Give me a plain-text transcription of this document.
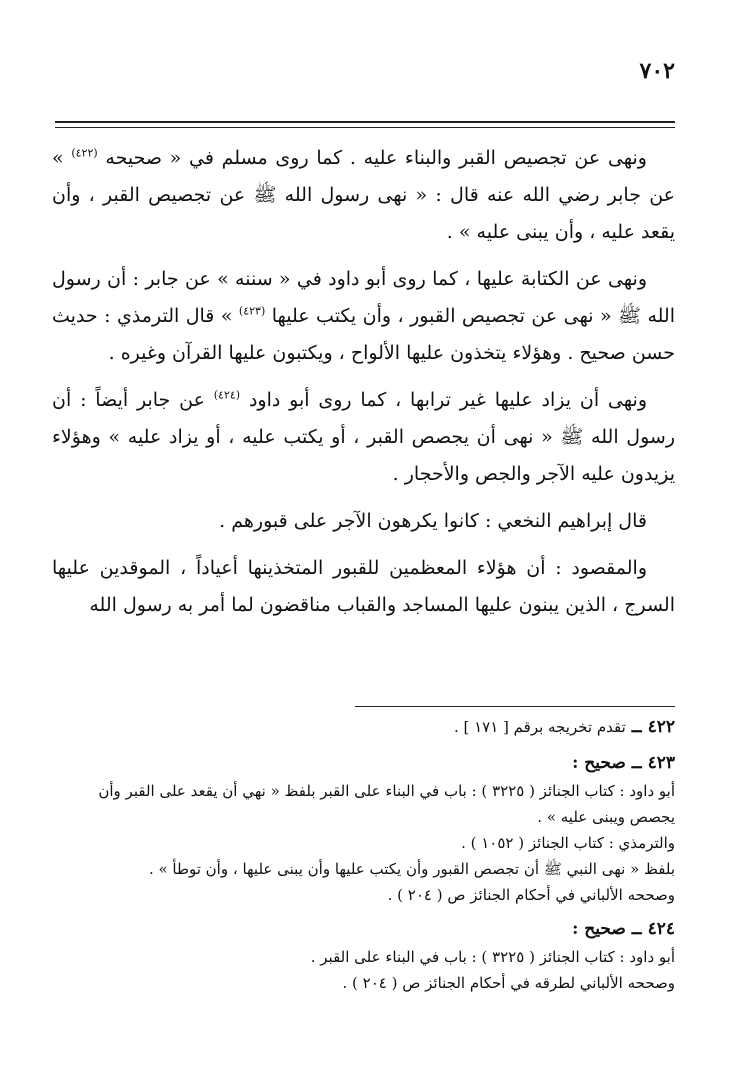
٧٠٢

ونهى عن تجصيص القبر والبناء عليه . كما روى مسلم في « صحيحه $^{(٤٢٢)}$ » عن جابر رضي الله عنه قال : « نهى رسول الله ﷺ عن تجصيص القبر ، وأن يقعد عليه ، وأن يبنى عليه » .

ونهى عن الكتابة عليها ، كما روى أبو داود في « سننه » عن جابر : أن رسول الله ﷺ « نهى عن تجصيص القبور ، وأن يكتب عليها $^{(٤٢٣)}$ » قال الترمذي : حديث حسن صحيح . وهؤلاء يتخذون عليها الألواح ، ويكتبون عليها القرآن وغيره .

ونهى أن يزاد عليها غير ترابها ، كما روى أبو داود $^{(٤٢٤)}$ عن جابر أيضاً : أن رسول الله ﷺ « نهى أن يجصص القبر ، أو يكتب عليه ، أو يزاد عليه » وهؤلاء يزيدون عليه الآجر والجص والأحجار .

قال إبراهيم النخعي : كانوا يكرهون الآجر على قبورهم .

والمقصود : أن هؤلاء المعظمين للقبور المتخذينها أعياداً ، الموقدين عليها السرج ، الذين يبنون عليها المساجد والقباب مناقضون لما أمر به رسول الله

٤٢٢ ــ تقدم تخريجه برقم [ ١٧١ ] .
٤٢٣ ــ صحيح :
أبو داود : كتاب الجنائز ( ٣٢٢٥ ) : باب في البناء على القبر بلفظ « نهي أن يقعد على القبر وأن يجصص ويبنى عليه » .
والترمذي : كتاب الجنائز ( ١٠٥٢ ) .
بلفظ « نهى النبي ﷺ أن تجصص القبور وأن يكتب عليها وأن يبنى عليها ، وأن توطأ » .
وصححه الألباني في أحكام الجنائز ص ( ٢٠٤ ) .
٤٢٤ ــ صحيح :
أبو داود : كتاب الجنائز ( ٣٢٢٥ ) : باب في البناء على القبر .
وصححه الألباني لطرقه في أحكام الجنائز ص ( ٢٠٤ ) .
